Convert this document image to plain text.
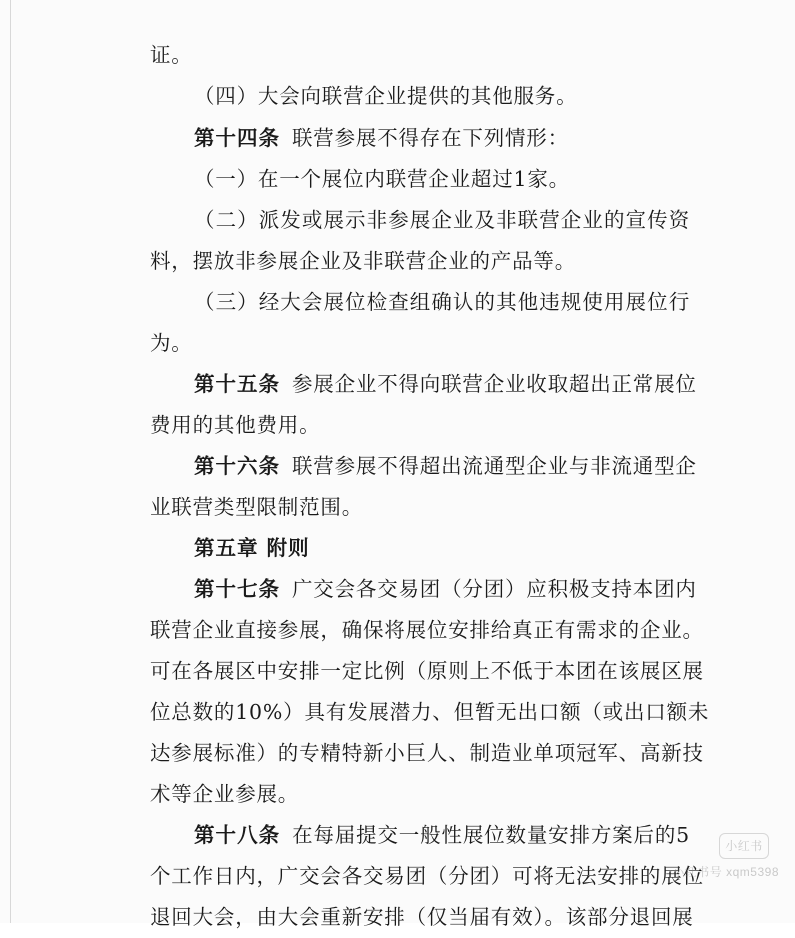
证。
（四）大会向联营企业提供的其他服务。
第十四条 联营参展不得存在下列情形：
（一）在一个展位内联营企业超过1家。
（二）派发或展示非参展企业及非联营企业的宣传资
料，摆放非参展企业及非联营企业的产品等。
（三）经大会展位检查组确认的其他违规使用展位行
为。
第十五条 参展企业不得向联营企业收取超出正常展位
费用的其他费用。
第十六条 联营参展不得超出流通型企业与非流通型企
业联营类型限制范围。
第五章 附则
第十七条 广交会各交易团（分团）应积极支持本团内
联营企业直接参展，确保将展位安排给真正有需求的企业。
可在各展区中安排一定比例（原则上不低于本团在该展区展
位总数的10%）具有发展潜力、但暂无出口额（或出口额未
达参展标准）的专精特新小巨人、制造业单项冠军、高新技
术等企业参展。
第十八条 在每届提交一般性展位数量安排方案后的5
个工作日内，广交会各交易团（分团）可将无法安排的展位
退回大会，由大会重新安排（仅当届有效）。该部分退回展
小红书
小红书号 xqm5398
